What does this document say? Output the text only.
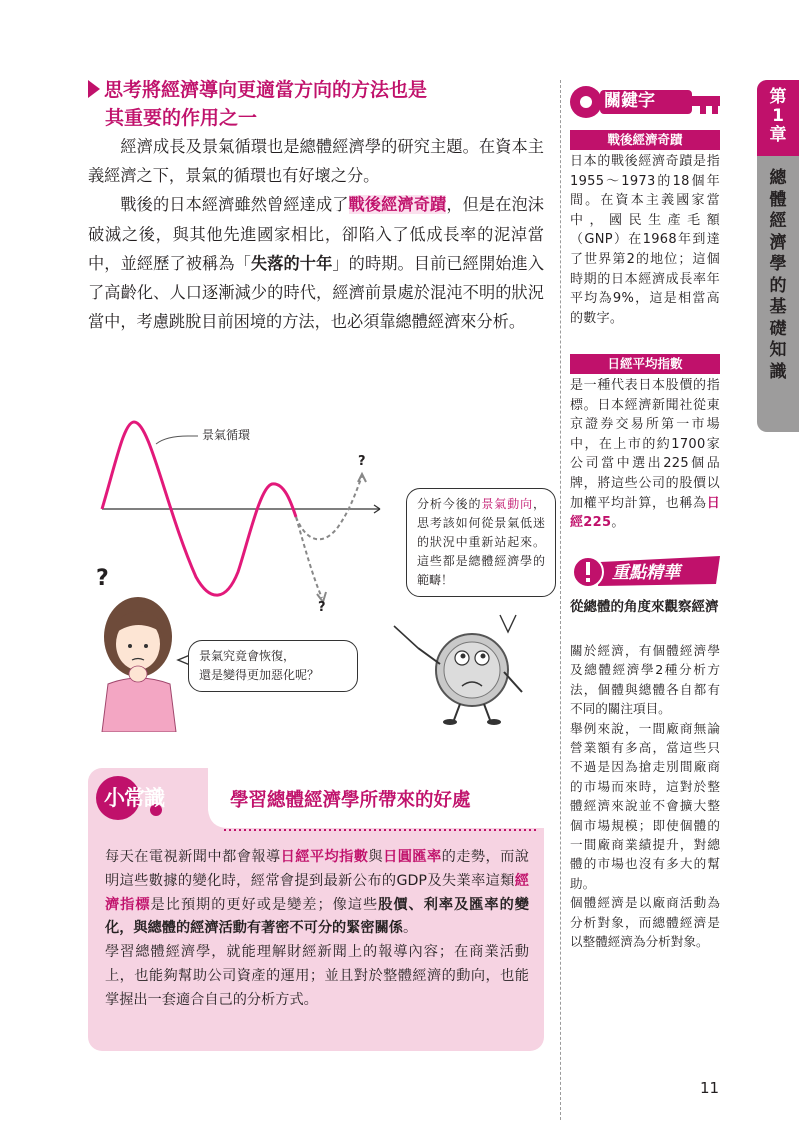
思考將經濟導向更適當方向的方法也是
其重要的作用之一

經濟成長及景氣循環也是總體經濟學的研究主題。在資本主義經濟之下，景氣的循環也有好壞之分。

戰後的日本經濟雖然曾經達成了戰後經濟奇蹟，但是在泡沫破滅之後，與其他先進國家相比，卻陷入了低成長率的泥淖當中，並經歷了被稱為「失落的十年」的時期。目前已經開始進入了高齡化、人口逐漸減少的時代，經濟前景處於混沌不明的狀況當中，考慮跳脫目前困境的方法，也必須靠總體經濟來分析。

景氣循環
?
?
?
景氣究竟會恢復，
還是變得更加惡化呢？
分析今後的景氣動向，思考該如何從景氣低迷的狀況中重新站起來。這些都是總體經濟學的範疇！
小常識	學習總體經濟學所帶來的好處

每天在電視新聞中都會報導日經平均指數與日圓匯率的走勢，而說明這些數據的變化時，經常會提到最新公布的GDP及失業率這類經濟指標是比預期的更好或是變差；像這些股價、利率及匯率的變化，與總體的經濟活動有著密不可分的緊密關係。

學習總體經濟學，就能理解財經新聞上的報導內容；在商業活動上，也能夠幫助公司資產的運用；並且對於整體經濟的動向，也能掌握出一套適合自己的分析方式。

關鍵字
戰後經濟奇蹟
日本的戰後經濟奇蹟是指1955～1973的18個年間。在資本主義國家當中，國民生產毛額（GNP）在1968年到達了世界第2的地位；這個時期的日本經濟成長率年平均為9%，這是相當高的數字。
日經平均指數
是一種代表日本股價的指標。日本經濟新聞社從東京證券交易所第一市場中，在上市的約1700家公司當中選出225個品牌，將這些公司的股價以加權平均計算，也稱為日經225。
重點精華
從總體的角度來觀察經濟

關於經濟，有個體經濟學及總體經濟學2種分析方法，個體與總體各自都有不同的關注項目。

舉例來說，一間廠商無論營業額有多高，當這些只不過是因為搶走別間廠商的市場而來時，這對於整體經濟來說並不會擴大整個市場規模；即使個體的一間廠商業績提升，對總體的市場也沒有多大的幫助。

個體經濟是以廠商活動為分析對象，而總體經濟是以整體經濟為分析對象。

第
1
章
總
體
經
濟
學
的
基
礎
知
識
11
